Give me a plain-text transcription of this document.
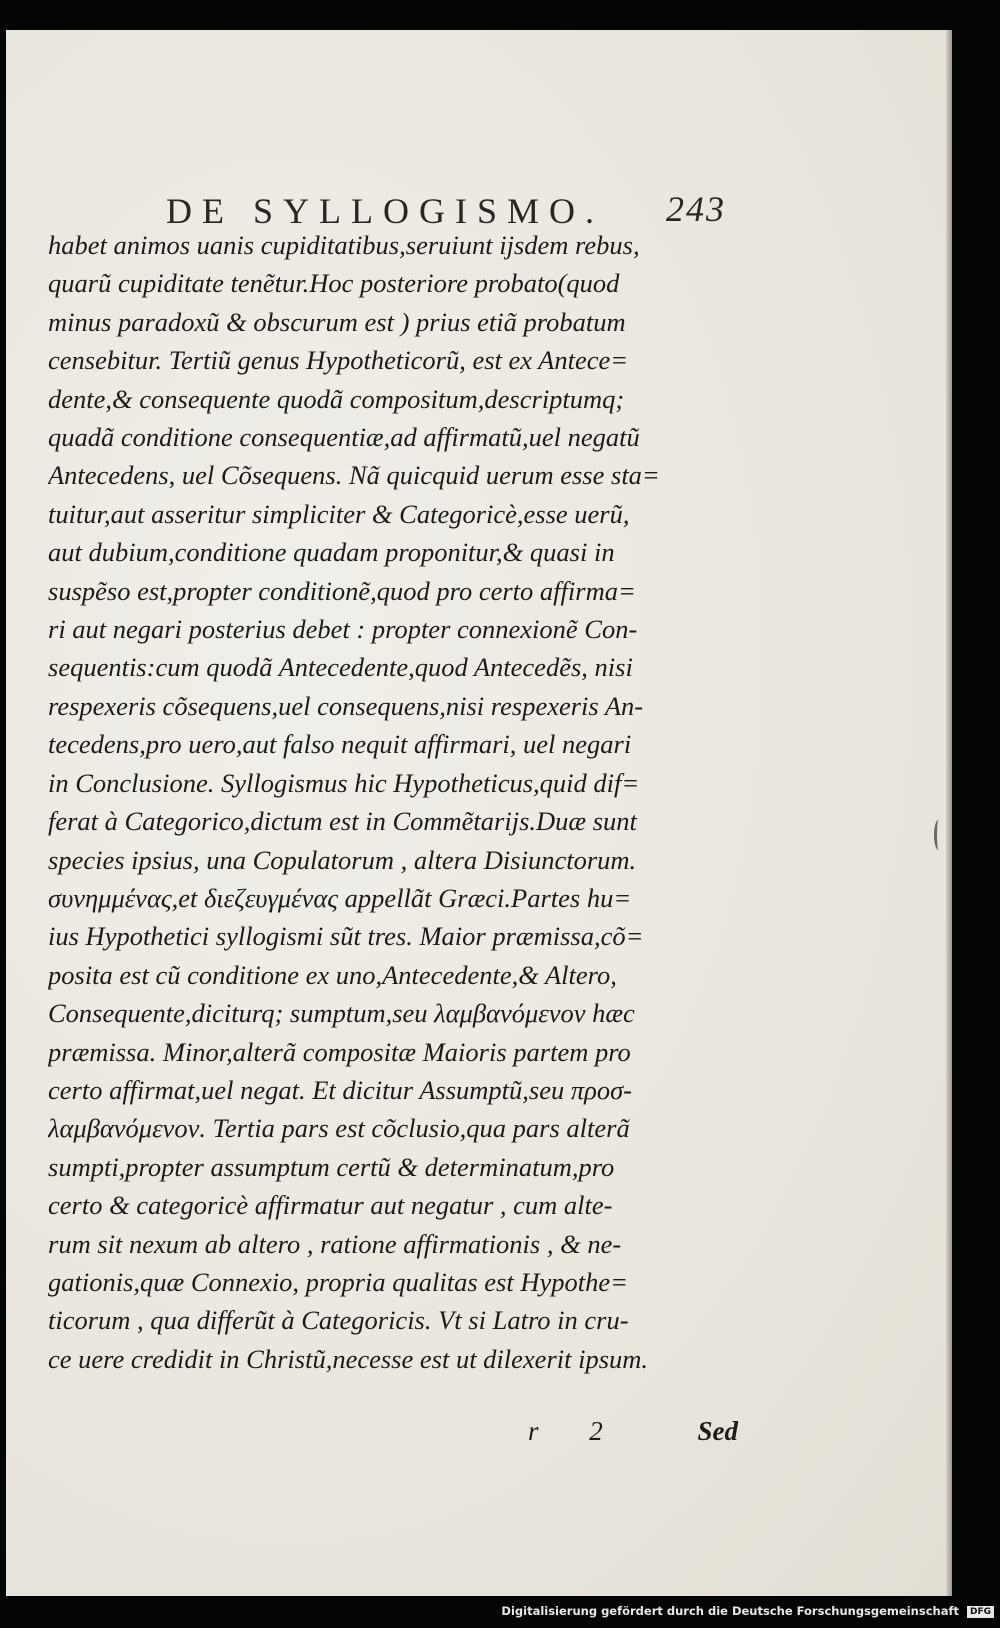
DE SYLLOGISMO. 243
habet animos uanis cupiditatibus,seruiunt ijsdem rebus,
quarũ cupiditate tenẽtur.Hoc posteriore probato(quod
minus paradoxũ & obscurum est ) prius etiã probatum
censebitur. Tertiũ genus Hypotheticorũ, est ex Antece=
dente,& consequente quodã compositum,descriptumq;
quadã conditione consequentiæ,ad affirmatũ,uel negatũ
Antecedens, uel Cõsequens. Nã quicquid uerum esse sta=
tuitur,aut asseritur simpliciter & Categoricè,esse uerũ,
aut dubium,conditione quadam proponitur,& quasi in
suspẽso est,propter conditionẽ,quod pro certo affirma=
ri aut negari posterius debet : propter connexionẽ Con-
sequentis:cum quodã Antecedente,quod Antecedẽs, nisi
respexeris cõsequens,uel consequens,nisi respexeris An-
tecedens,pro uero,aut falso nequit affirmari, uel negari
in Conclusione. Syllogismus hic Hypotheticus,quid dif=
ferat à Categorico,dictum est in Commẽtarijs.Duæ sunt
species ipsius, una Copulatorum , altera Disiunctorum.
συνημμένας,et διεζευγμένας appellãt Græci.Partes hu=
ius Hypothetici syllogismi sũt tres. Maior præmissa,cõ=
posita est cũ conditione ex uno,Antecedente,& Altero,
Consequente,diciturq; sumptum,seu λαμβανόμενον hæc
præmissa. Minor,alterã compositæ Maioris partem pro
certo affirmat,uel negat. Et dicitur Assumptũ,seu προσ-
λαμβανόμενον. Tertia pars est cõclusio,qua pars alterã
sumpti,propter assumptum certũ & determinatum,pro
certo & categoricè affirmatur aut negatur , cum alte-
rum sit nexum ab altero , ratione affirmationis , & ne-
gationis,quæ Connexio, propria qualitas est Hypothe=
ticorum , qua differũt à Categoricis. Vt si Latro in cru-
ce uere credidit in Christũ,necesse est ut dilexerit ipsum.
r 2	Sed
Digitalisierung gefördert durch die Deutsche Forschungsgemeinschaft DFG
